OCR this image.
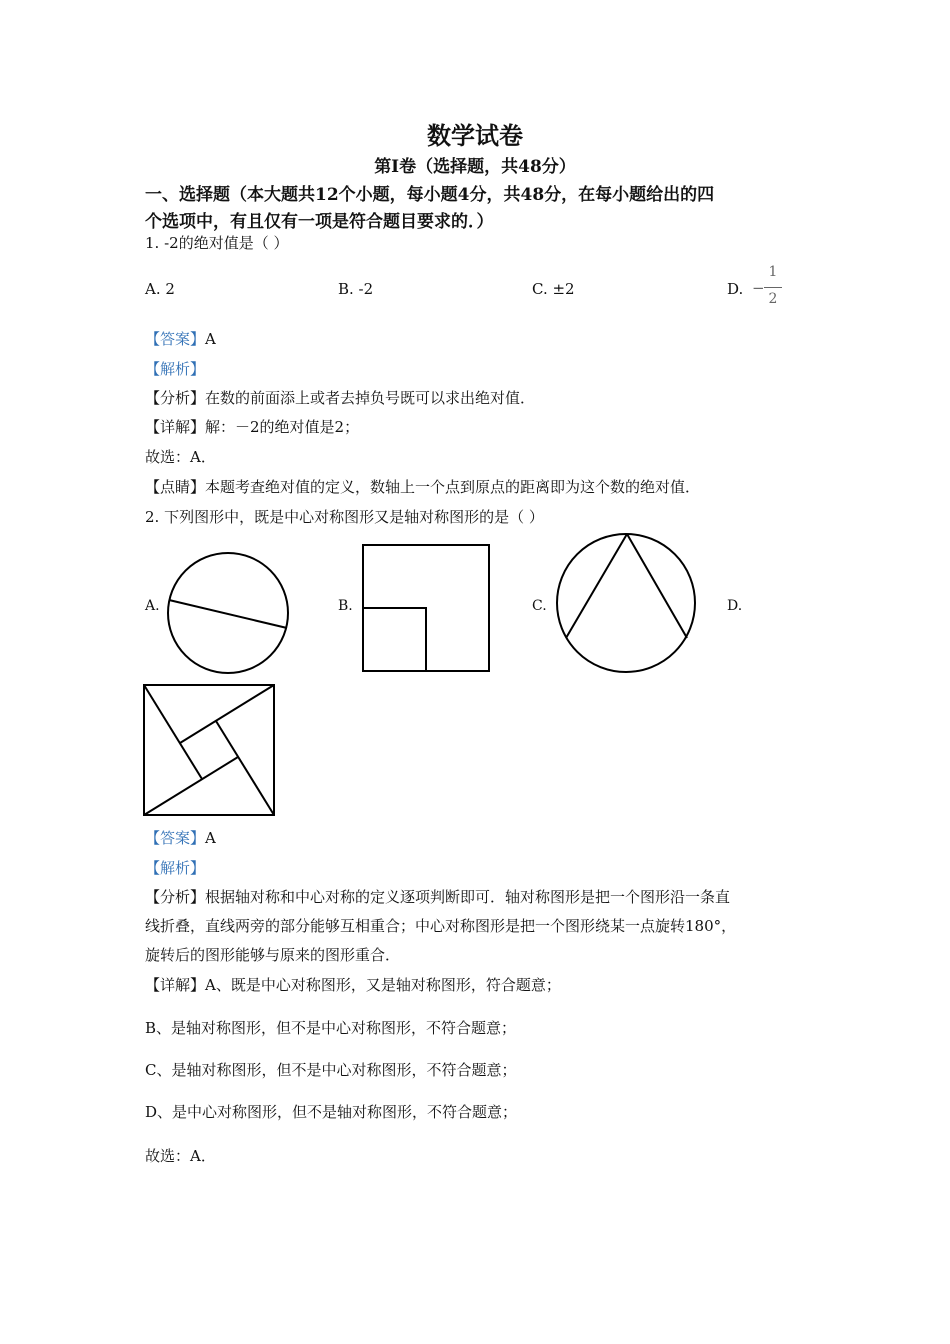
数学试卷
第Ⅰ卷（选择题，共48分）
一、选择题（本大题共12个小题，每小题4分，共48分，在每小题给出的四
个选项中，有且仅有一项是符合题目要求的．）
1. -2的绝对值是（ ）
A. 2	B. -2	C. ±2	D. −
1
2
【答案】A
【解析】
【分析】在数的前面添上或者去掉负号既可以求出绝对值．
【详解】解：－2的绝对值是2；
故选：A．
【点睛】本题考查绝对值的定义，数轴上一个点到原点的距离即为这个数的绝对值．
2. 下列图形中，既是中心对称图形又是轴对称图形的是（ ）
A.	B.	C.	D.
【答案】A
【解析】
【分析】根据轴对称和中心对称的定义逐项判断即可．轴对称图形是把一个图形沿一条直
线折叠，直线两旁的部分能够互相重合；中心对称图形是把一个图形绕某一点旋转180°，
旋转后的图形能够与原来的图形重合．
【详解】A、既是中心对称图形，又是轴对称图形，符合题意；
B、是轴对称图形，但不是中心对称图形，不符合题意；
C、是轴对称图形，但不是中心对称图形，不符合题意；
D、是中心对称图形，但不是轴对称图形，不符合题意；
故选：A．
